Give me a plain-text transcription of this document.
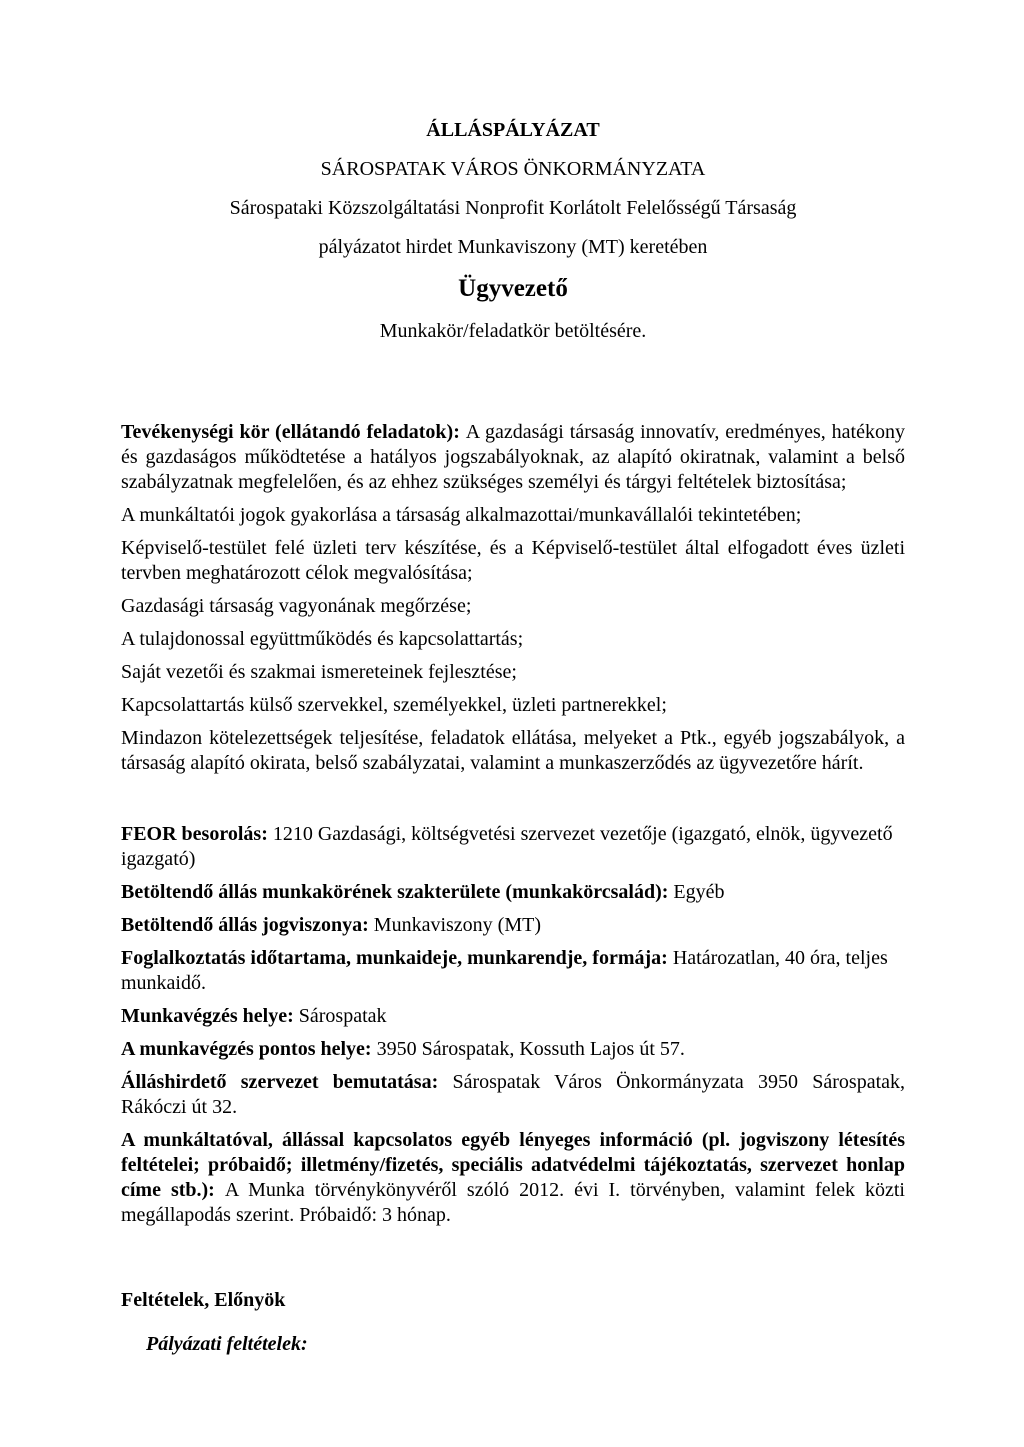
ÁLLÁSPÁLYÁZAT

SÁROSPATAK VÁROS ÖNKORMÁNYZATA

Sárospataki Közszolgáltatási Nonprofit Korlátolt Felelősségű Társaság

pályázatot hirdet Munkaviszony (MT) keretében

Ügyvezető

Munkakör/feladatkör betöltésére.

Tevékenységi kör (ellátandó feladatok): A gazdasági társaság innovatív, eredményes, hatékony és gazdaságos működtetése a hatályos jogszabályoknak, az alapító okiratnak, valamint a belső szabályzatnak megfelelően, és az ehhez szükséges személyi és tárgyi feltételek biztosítása;

A munkáltatói jogok gyakorlása a társaság alkalmazottai/munkavállalói tekintetében;

Képviselő-testület felé üzleti terv készítése, és a Képviselő-testület által elfogadott éves üzleti tervben meghatározott célok megvalósítása;

Gazdasági társaság vagyonának megőrzése;

A tulajdonossal együttműködés és kapcsolattartás;

Saját vezetői és szakmai ismereteinek fejlesztése;

Kapcsolattartás külső szervekkel, személyekkel, üzleti partnerekkel;

Mindazon kötelezettségek teljesítése, feladatok ellátása, melyeket a Ptk., egyéb jogszabályok, a társaság alapító okirata, belső szabályzatai, valamint a munkaszerződés az ügyvezetőre hárít.

FEOR besorolás: 1210 Gazdasági, költségvetési szervezet vezetője (igazgató, elnök, ügyvezető igazgató)

Betöltendő állás munkakörének szakterülete (munkakörcsalád): Egyéb

Betöltendő állás jogviszonya: Munkaviszony (MT)

Foglalkoztatás időtartama, munkaideje, munkarendje, formája: Határozatlan, 40 óra, teljes munkaidő.

Munkavégzés helye: Sárospatak

A munkavégzés pontos helye: 3950 Sárospatak, Kossuth Lajos út 57.

Álláshirdető szervezet bemutatása: Sárospatak Város Önkormányzata 3950 Sárospatak, Rákóczi út 32.

A munkáltatóval, állással kapcsolatos egyéb lényeges információ (pl. jogviszony létesítés feltételei; próbaidő; illetmény/fizetés, speciális adatvédelmi tájékoztatás, szervezet honlap címe stb.): A Munka törvénykönyvéről szóló 2012. évi I. törvényben, valamint felek közti megállapodás szerint. Próbaidő: 3 hónap.

Feltételek, Előnyök

Pályázati feltételek:
